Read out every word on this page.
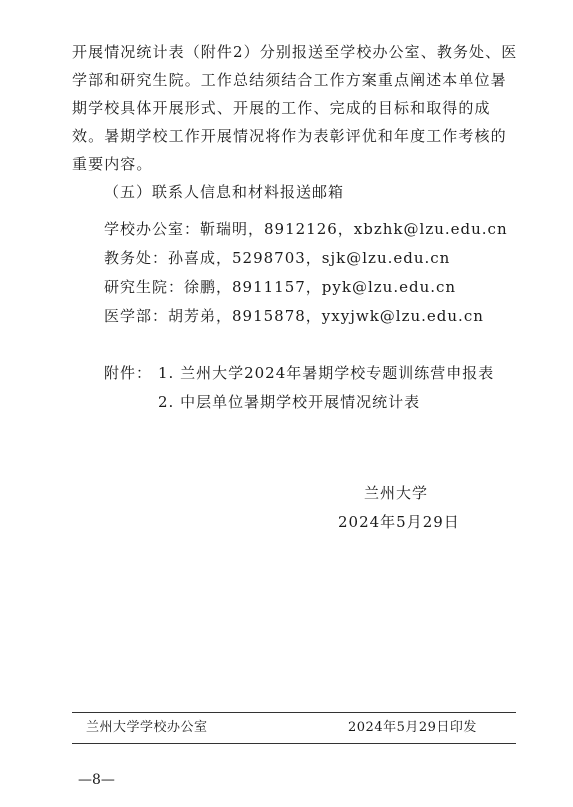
开展情况统计表（附件2）分别报送至学校办公室、教务处、医学部和研究生院。工作总结须结合工作方案重点阐述本单位暑期学校具体开展形式、开展的工作、完成的目标和取得的成效。暑期学校工作开展情况将作为表彰评优和年度工作考核的重要内容。

（五）联系人信息和材料报送邮箱
学校办公室：靳瑞明，8912126，xbzhk@lzu.edu.cn
教务处：孙喜成，5298703，sjk@lzu.edu.cn
研究生院：徐鹏，8911157，pyk@lzu.edu.cn
医学部：胡芳弟，8915878，yxyjwk@lzu.edu.cn
附件： 1. 兰州大学2024年暑期学校专题训练营申报表
2. 中层单位暑期学校开展情况统计表
兰州大学
2024年5月29日
兰州大学学校办公室	2024年5月29日印发
—8—
